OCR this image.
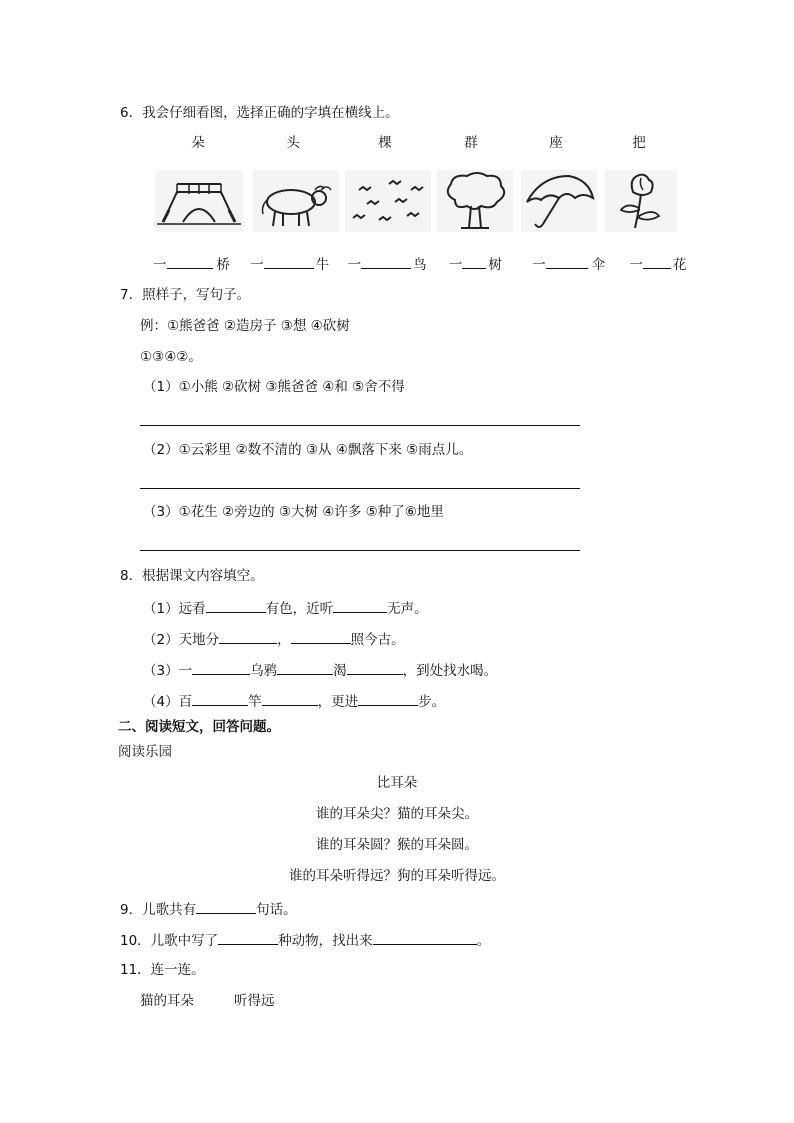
6．我会仔细看图，选择正确的字填在横线上。
朵	头	棵	群	座	把
一	桥 一	牛 一	鸟 一 树 一	伞 一 花
7．照样子，写句子。
例：①熊爸爸 ②造房子 ③想 ④砍树
①③④②。
（1）①小熊 ②砍树 ③熊爸爸 ④和 ⑤舍不得
（2）①云彩里 ②数不清的 ③从 ④飘落下来 ⑤雨点儿。
（3）①花生 ②旁边的 ③大树 ④许多 ⑤种了⑥地里
8．根据课文内容填空。
（1）远看	有色，近听	无声。
（2）天地分	，	照今古。
（3）一	乌鸦	渴	，到处找水喝。
（4）百	竿	，更进	步。
二、阅读短文，回答问题。
阅读乐园
比耳朵
谁的耳朵尖？猫的耳朵尖。
谁的耳朵圆？猴的耳朵圆。
谁的耳朵听得远？狗的耳朵听得远。
9．儿歌共有	句话。
10．儿歌中写了	种动物，找出来	。
11．连一连。
猫的耳朵	听得远
